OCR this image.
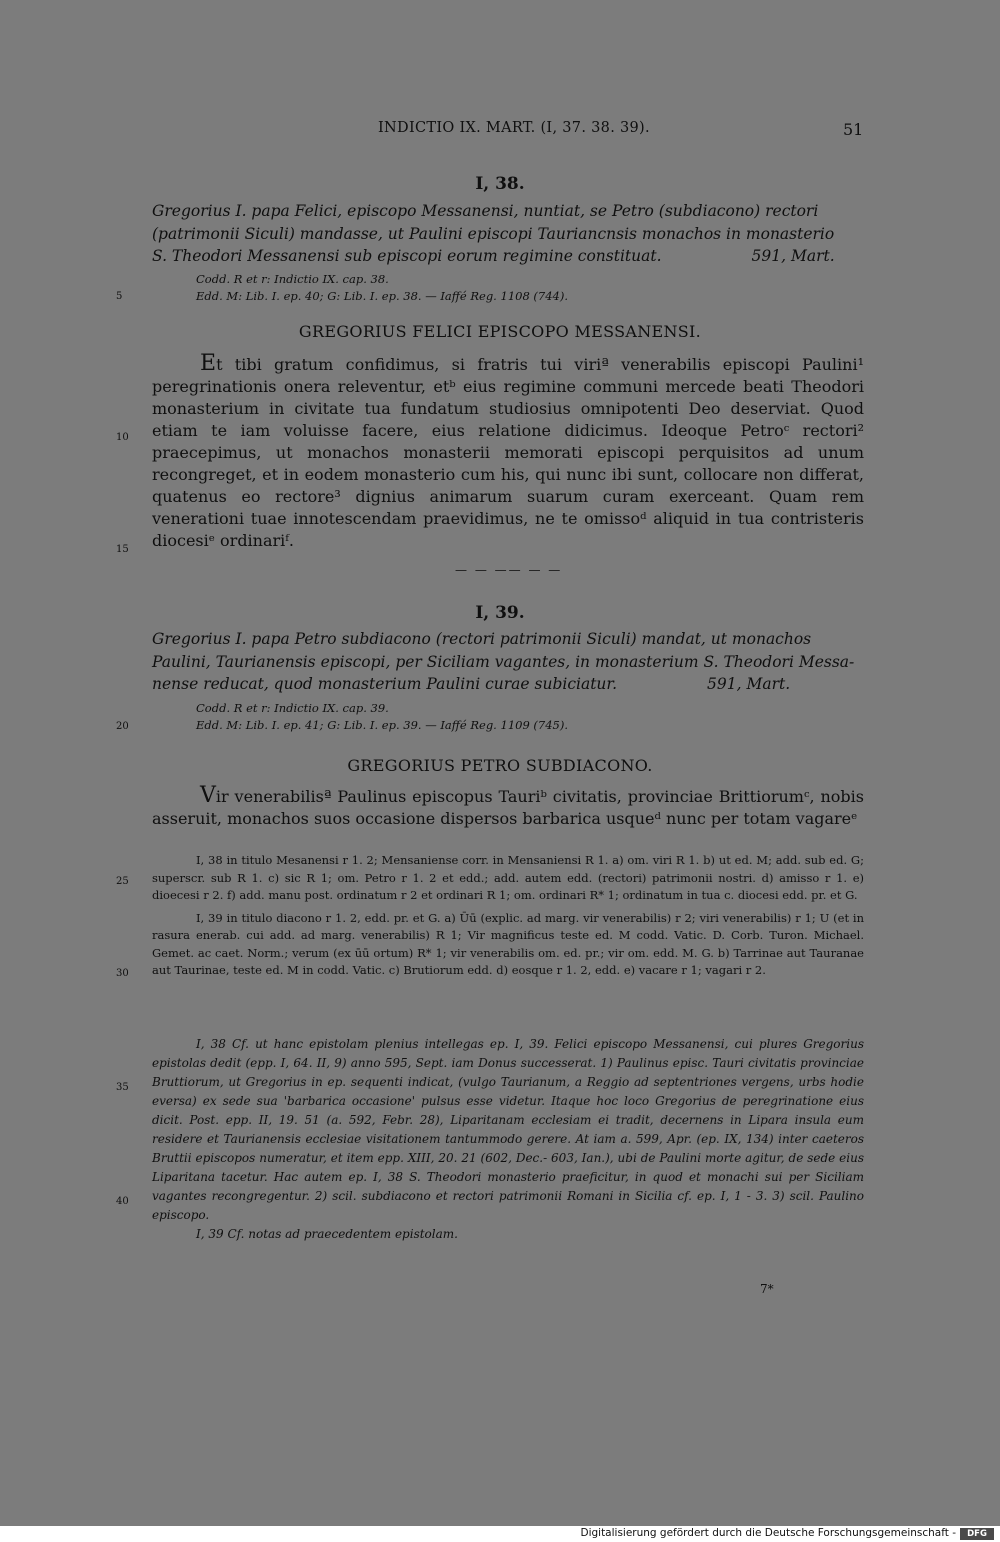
INDICTIO IX. MART. (I, 37. 38. 39).	51
5
10
15
20
25
30
35
40
I, 38.
Gregorius I. papa Felici, episcopo Messanensi, nuntiat, se Petro (subdiacono) rectori
(patrimonii Siculi) mandasse, ut Paulini episcopi Tauriancnsis monachos in monasterio
S. Theodori Messanensi sub episcopi eorum regimine constituat.	591, Mart.
Codd. R et r: Indictio IX. cap. 38.
Edd. M: Lib. I. ep. 40; G: Lib. I. ep. 38. — Iaffé Reg. 1108 (744).
GREGORIUS FELICI EPISCOPO MESSANENSI.

Et tibi gratum confidimus, si fratris tui viriª venerabilis episcopi Paulini¹ peregrinationis onera releventur, etᵇ eius regimine communi mercede beati Theodori monasterium in civitate tua fundatum studiosius omnipotenti Deo deserviat. Quod etiam te iam voluisse facere, eius relatione didicimus. Ideoque Petroᶜ rectori² praecepimus, ut monachos monasterii memorati episcopi perquisitos ad unum recongreget, et in eodem monasterio cum his, qui nunc ibi sunt, collocare non differat, quatenus eo rectore³ dignius animarum suarum curam exerceant. Quam rem venerationi tuae innotescendam praevidimus, ne te omissoᵈ aliquid in tua contristeris diocesiᵉ ordinariᶠ.

— — —— — —
I, 39.
Gregorius I. papa Petro subdiacono (rectori patrimonii Siculi) mandat, ut monachos
Paulini, Taurianensis episcopi, per Siciliam vagantes, in monasterium S. Theodori Messa-
nense reducat, quod monasterium Paulini curae subiciatur.	591, Mart.
Codd. R et r: Indictio IX. cap. 39.
Edd. M: Lib. I. ep. 41; G: Lib. I. ep. 39. — Iaffé Reg. 1109 (745).
GREGORIUS PETRO SUBDIACONO.

Vir venerabilisª Paulinus episcopus Tauriᵇ civitatis, provinciae Brittiorumᶜ, nobis asseruit, monachos suos occasione dispersos barbarica usqueᵈ nunc per totam vagareᵉ

I, 38 in titulo Mesanensi r 1. 2; Mensaniense corr. in Mensaniensi R 1. a) om. viri R 1. b) ut ed. M; add. sub ed. G; superscr. sub R 1. c) sic R 1; om. Petro r 1. 2 et edd.; add. autem edd. (rectori) patrimonii nostri. d) amisso r 1. e) dioecesi r 2. f) add. manu post. ordinatum r 2 et ordinari R 1; om. ordinari R* 1; ordinatum in tua c. diocesi edd. pr. et G.

I, 39 in titulo diacono r 1. 2, edd. pr. et G. a) Ūū (explic. ad marg. vir venerabilis) r 2; viri venerabilis) r 1; U (et in rasura enerab. cui add. ad marg. venerabilis) R 1; Vir magnificus teste ed. M codd. Vatic. D. Corb. Turon. Michael. Gemet. ac caet. Norm.; verum (ex ūū ortum) R* 1; vir venerabilis om. ed. pr.; vir om. edd. M. G. b) Tarrinae aut Tauranae aut Taurinae, teste ed. M in codd. Vatic. c) Brutiorum edd. d) eosque r 1. 2, edd. e) vacare r 1; vagari r 2.

I, 38 Cf. ut hanc epistolam plenius intellegas ep. I, 39. Felici episcopo Messanensi, cui plures Gregorius epistolas dedit (epp. I, 64. II, 9) anno 595, Sept. iam Donus successerat. 1) Paulinus episc. Tauri civitatis provinciae Bruttiorum, ut Gregorius in ep. sequenti indicat, (vulgo Taurianum, a Reggio ad septentriones vergens, urbs hodie eversa) ex sede sua 'barbarica occasione' pulsus esse videtur. Itaque hoc loco Gregorius de peregrinatione eius dicit. Post. epp. II, 19. 51 (a. 592, Febr. 28), Liparitanam ecclesiam ei tradit, decernens in Lipara insula eum residere et Taurianensis ecclesiae visitationem tantummodo gerere. At iam a. 599, Apr. (ep. IX, 134) inter caeteros Bruttii episcopos numeratur, et item epp. XIII, 20. 21 (602, Dec.- 603, Ian.), ubi de Paulini morte agitur, de sede eius Liparitana tacetur. Hac autem ep. I, 38 S. Theodori monasterio praeficitur, in quod et monachi sui per Siciliam vagantes recongregentur. 2) scil. subdiacono et rectori patrimonii Romani in Sicilia cf. ep. I, 1 - 3. 3) scil. Paulino episcopo.

I, 39 Cf. notas ad praecedentem epistolam.

7*
Digitalisierung gefördert durch die Deutsche Forschungsgemeinschaft -	DFG
